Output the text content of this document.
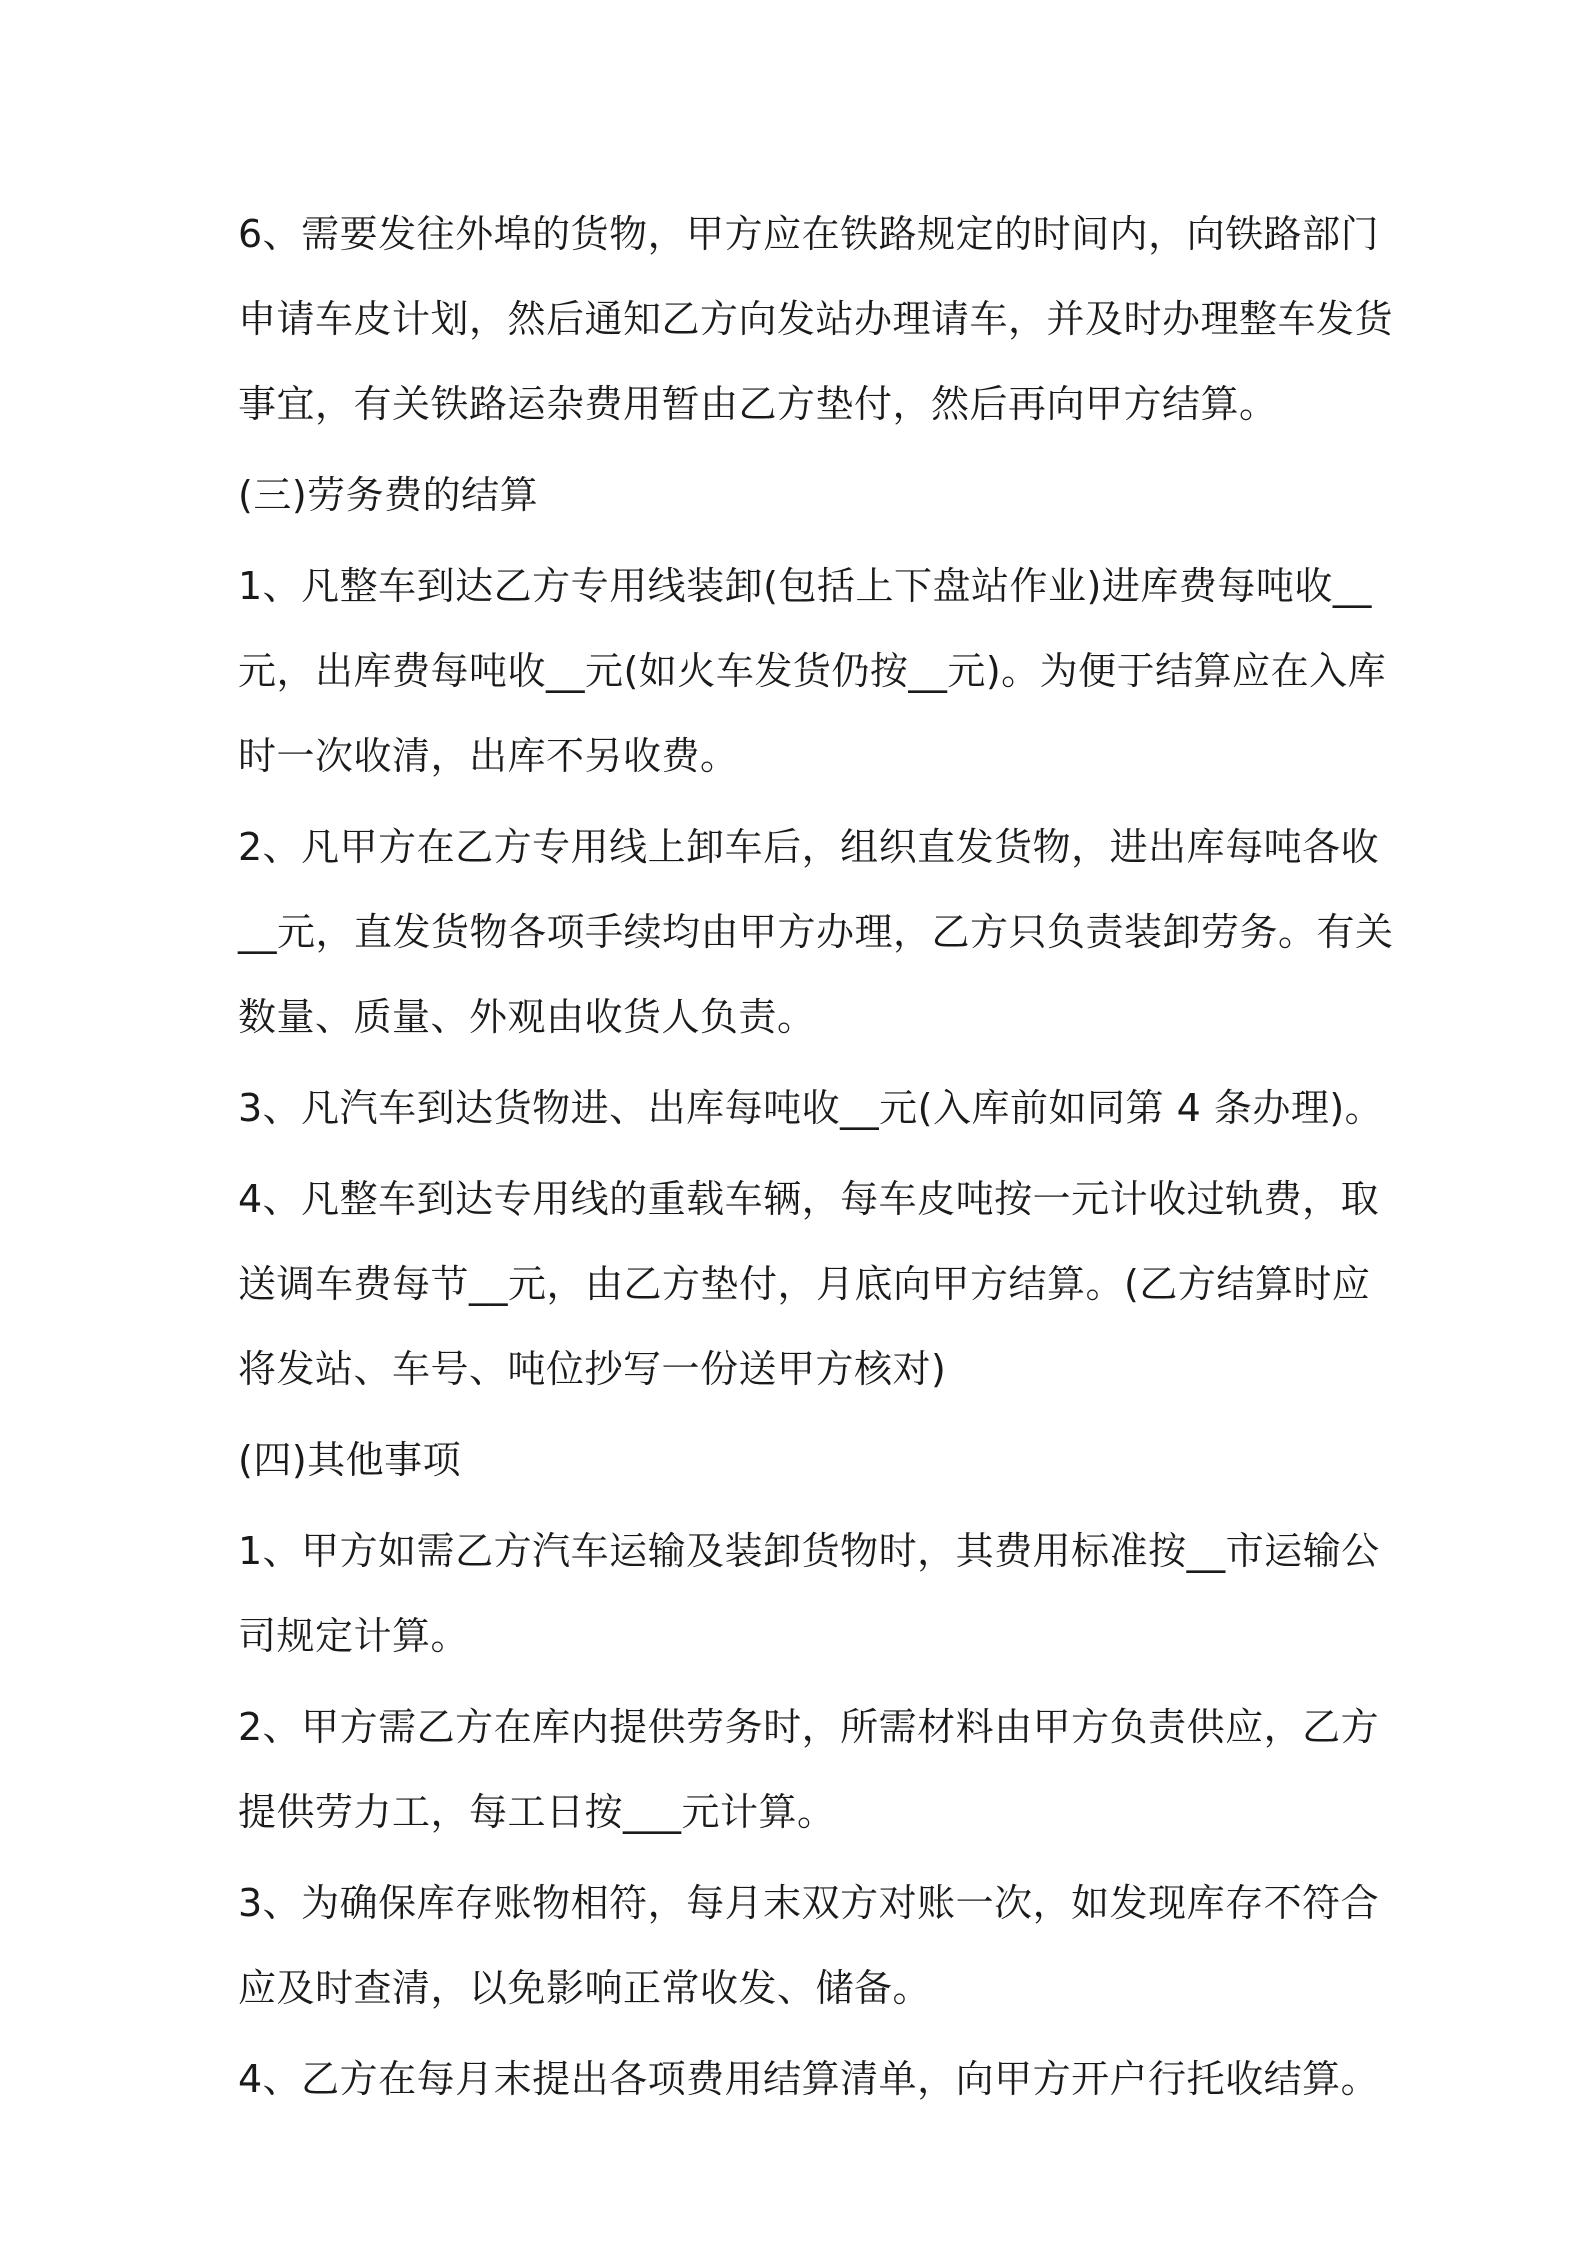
6、需要发往外埠的货物，甲方应在铁路规定的时间内，向铁路部门
申请车皮计划，然后通知乙方向发站办理请车，并及时办理整车发货
事宜，有关铁路运杂费用暂由乙方垫付，然后再向甲方结算。
(三)劳务费的结算
1、凡整车到达乙方专用线装卸(包括上下盘站作业)进库费每吨收__
元，出库费每吨收__元(如火车发货仍按__元)。为便于结算应在入库
时一次收清，出库不另收费。
2、凡甲方在乙方专用线上卸车后，组织直发货物，进出库每吨各收
__元，直发货物各项手续均由甲方办理，乙方只负责装卸劳务。有关
数量、质量、外观由收货人负责。
3、凡汽车到达货物进、出库每吨收__元(入库前如同第 4 条办理)。
4、凡整车到达专用线的重载车辆，每车皮吨按一元计收过轨费，取
送调车费每节__元，由乙方垫付，月底向甲方结算。(乙方结算时应
将发站、车号、吨位抄写一份送甲方核对)
(四)其他事项
1、甲方如需乙方汽车运输及装卸货物时，其费用标准按__市运输公
司规定计算。
2、甲方需乙方在库内提供劳务时，所需材料由甲方负责供应，乙方
提供劳力工，每工日按___元计算。
3、为确保库存账物相符，每月末双方对账一次，如发现库存不符合
应及时查清，以免影响正常收发、储备。
4、乙方在每月末提出各项费用结算清单，向甲方开户行托收结算。
